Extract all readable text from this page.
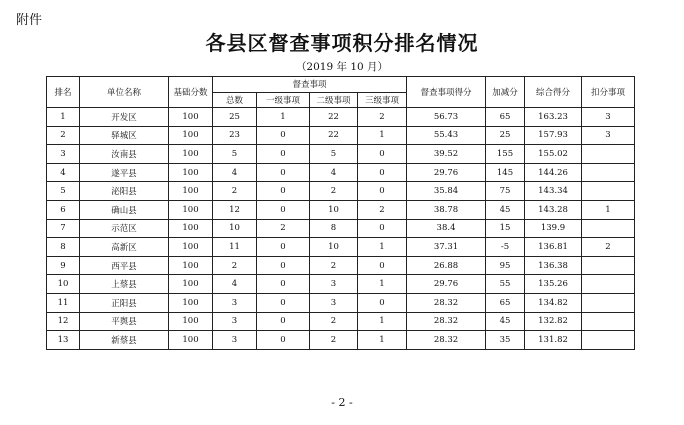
附件
各县区督查事项积分排名情况
（2019 年 10 月）
排名	单位名称	基础分数	督查事项				督查事项得分	加减分	综合得分	扣分事项
			总数	一级事项	二级事项	三级事项				
1	开发区	100	25	1	22	2	56.73	65	163.23	3
2	驿城区	100	23	0	22	1	55.43	25	157.93	3
3	汝南县	100	5	0	5	0	39.52	155	155.02	
4	遂平县	100	4	0	4	0	29.76	145	144.26	
5	泌阳县	100	2	0	2	0	35.84	75	143.34	
6	确山县	100	12	0	10	2	38.78	45	143.28	1
7	示范区	100	10	2	8	0	38.4	15	139.9	
8	高新区	100	11	0	10	1	37.31	-5	136.81	2
9	西平县	100	2	0	2	0	26.88	95	136.38	
10	上蔡县	100	4	0	3	1	29.76	55	135.26	
11	正阳县	100	3	0	3	0	28.32	65	134.82	
12	平舆县	100	3	0	2	1	28.32	45	132.82	
13	新蔡县	100	3	0	2	1	28.32	35	131.82	
- 2 -
